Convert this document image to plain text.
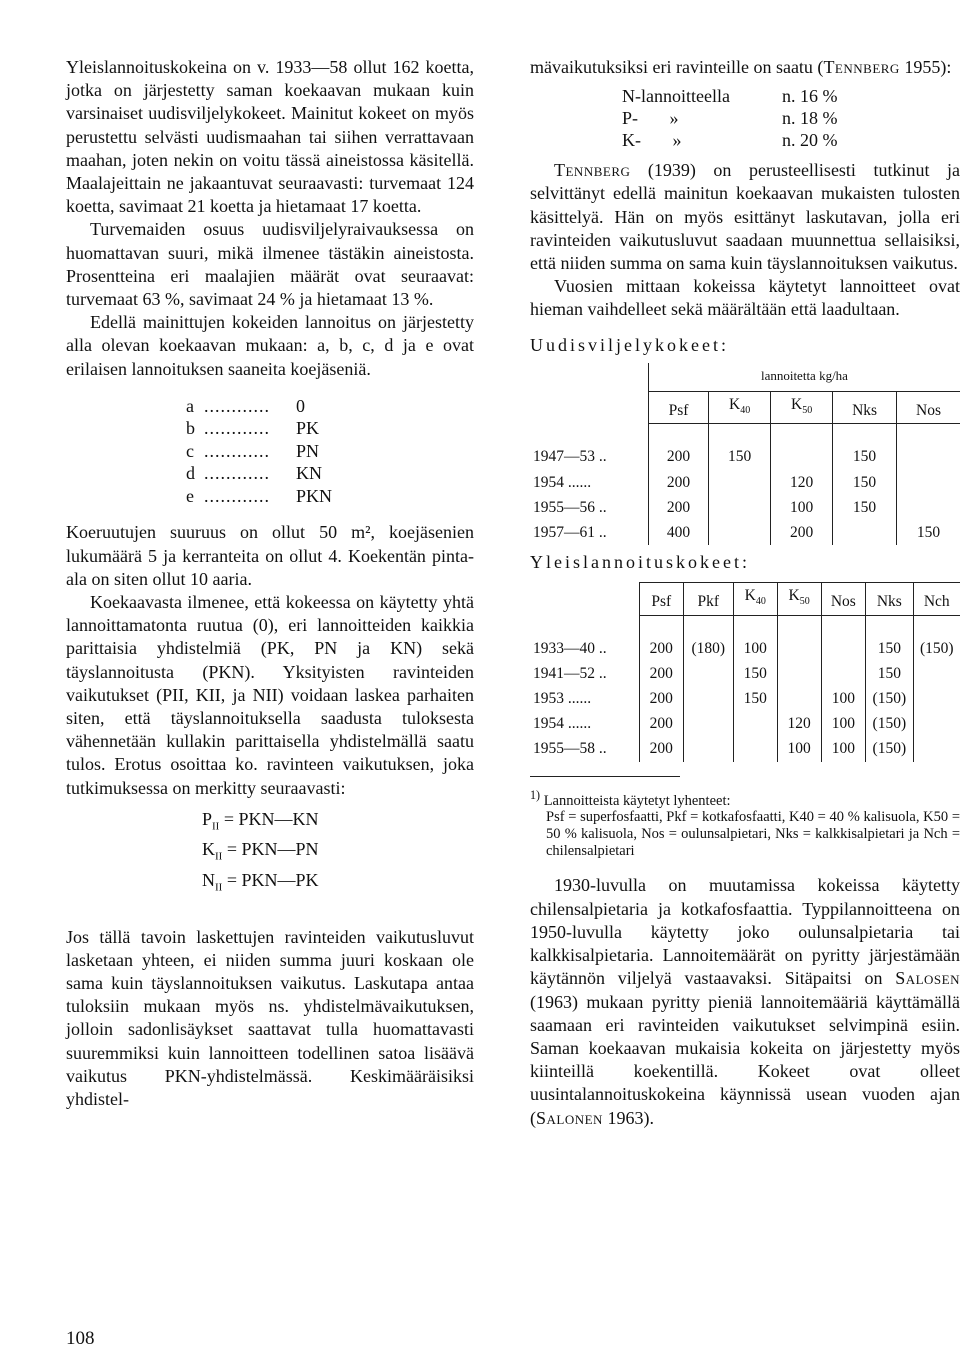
Yleislannoituskokeina on v. 1933—58 ollut 162 koetta, jotka on järjestetty saman koekaavan mukaan kuin varsinaiset uudisviljelykokeet. Mainitut kokeet on myös perustettu selvästi uudismaahan tai siihen verrattavaan maahan, joten nekin on voitu tässä aineistossa käsitellä. Maalajeittain ne jakaantuvat seuraavasti: turvemaat 124 koetta, savimaat 21 koetta ja hietamaat 17 koetta.

Turvemaiden osuus uudisviljelyraivauksessa on huomattavan suuri, mikä ilmenee tästäkin aineistosta. Prosentteina eri maalajien määrät ovat seuraavat: turvemaat 63 %, savimaat 24 % ja hietamaat 13 %.

Edellä mainittujen kokeiden lannoitus on järjestetty alla olevan koekaavan mukaan: a, b, c, d ja e ovat erilaisen lannoituksen saaneita koejäseniä.

a ............	0
b ............	PK
c ............	PN
d ............	KN
e ............	PKN

Koeruutujen suuruus on ollut 50 m², koejäsenien lukumäärä 5 ja kerranteita on ollut 4. Koekentän pinta-ala on siten ollut 10 aaria.

Koekaavasta ilmenee, että kokeessa on käytetty yhtä lannoittamatonta ruutua (0), eri lannoitteiden kaikkia parittaisia yhdistelmiä (PK, PN ja KN) sekä täyslannoitusta (PKN). Yksityisten ravinteiden vaikutukset (PII, KII, ja NII) voidaan laskea parhaiten siten, että täyslannoituksella saadusta tuloksesta vähennetään kullakin parittaisella yhdistelmällä saatu tulos. Erotus osoittaa ko. ravinteen vaikutuksen, joka tutkimuksessa on merkitty seuraavasti:

$P_{II}$ = PKN—KN
$K_{II}$ = PKN—PN
$N_{II}$ = PKN—PK

Jos tällä tavoin laskettujen ravinteiden vaikutusluvut lasketaan yhteen, ei niiden summa juuri koskaan ole sama kuin täyslannoituksen vaikutus. Laskutapa antaa tuloksiin mukaan myös ns. yhdistelmävaikutuksen, jolloin sadonlisäykset saattavat tulla huomattavasti suuremmiksi kuin lannoitteen todellinen satoa lisäävä vaikutus PKN-yhdistelmässä. Keskimääräisiksi yhdistel-

mävaikutuksiksi eri ravinteille on saatu (Tennberg 1955):

N-lannoitteella	n. 16 %
P-       »	n. 18 %
K-       »	n. 20 %

Tennberg (1939) on perusteellisesti tutkinut ja selvittänyt edellä mainitun koekaavan mukaisten tulosten käsittelyä. Hän on myös esittänyt laskutavan, jolla eri ravinteiden vaikutusluvut saadaan muunnettua sellaisiksi, että niiden summa on sama kuin täyslannoituksen vaikutus.

Vuosien mittaan kokeissa käytetyt lannoitteet ovat hieman vaihdelleet sekä määrältään että laadultaan.

Uudisviljelykokeet:

	lannoitetta kg/ha				
	Psf	$K_{40}$	$K_{50}$	Nks	Nos

1947—53 ..	200	150		150	
1954 ......	200		120	150	
1955—56 ..	200		100	150	
1957—61 ..	400		200		150

Yleislannoituskokeet:

	Psf	Pkf	$K_{40}$	$K_{50}$	Nos	Nks	Nch

1933—40 ..	200	(180)	100			150	(150)
1941—52 ..	200		150			150	
1953 ......	200		150		100	(150)	
1954 ......	200			120	100	(150)	
1955—58 ..	200			100	100	(150)	
$^{1)}$ Lannoitteista käytetyt lyhenteet:
Psf = superfosfaatti, Pkf = kotkafosfaatti, K40 = 40 % kalisuola, K50 = 50 % kalisuola, Nos = oulunsalpietari, Nks = kalkkisalpietari ja Nch = chilensalpietari

1930-luvulla on muutamissa kokeissa käytetty chilensalpietaria ja kotkafosfaattia. Typpilannoitteena on 1950-luvulla käytetty joko oulunsalpietaria tai kalkkisalpietaria. Lannoitemäärät on pyritty järjestämään käytännön viljelyä vastaavaksi. Sitäpaitsi on Salosen (1963) mukaan pyritty pieniä lannoitemääriä käyttämällä saamaan eri ravinteiden vaikutukset selvimpinä esiin. Saman koekaavan mukaisia kokeita on järjestetty myös kiinteillä koekentillä. Kokeet ovat olleet uusintalannoituskokeina käynnissä usean vuoden ajan (Salonen 1963).

108
